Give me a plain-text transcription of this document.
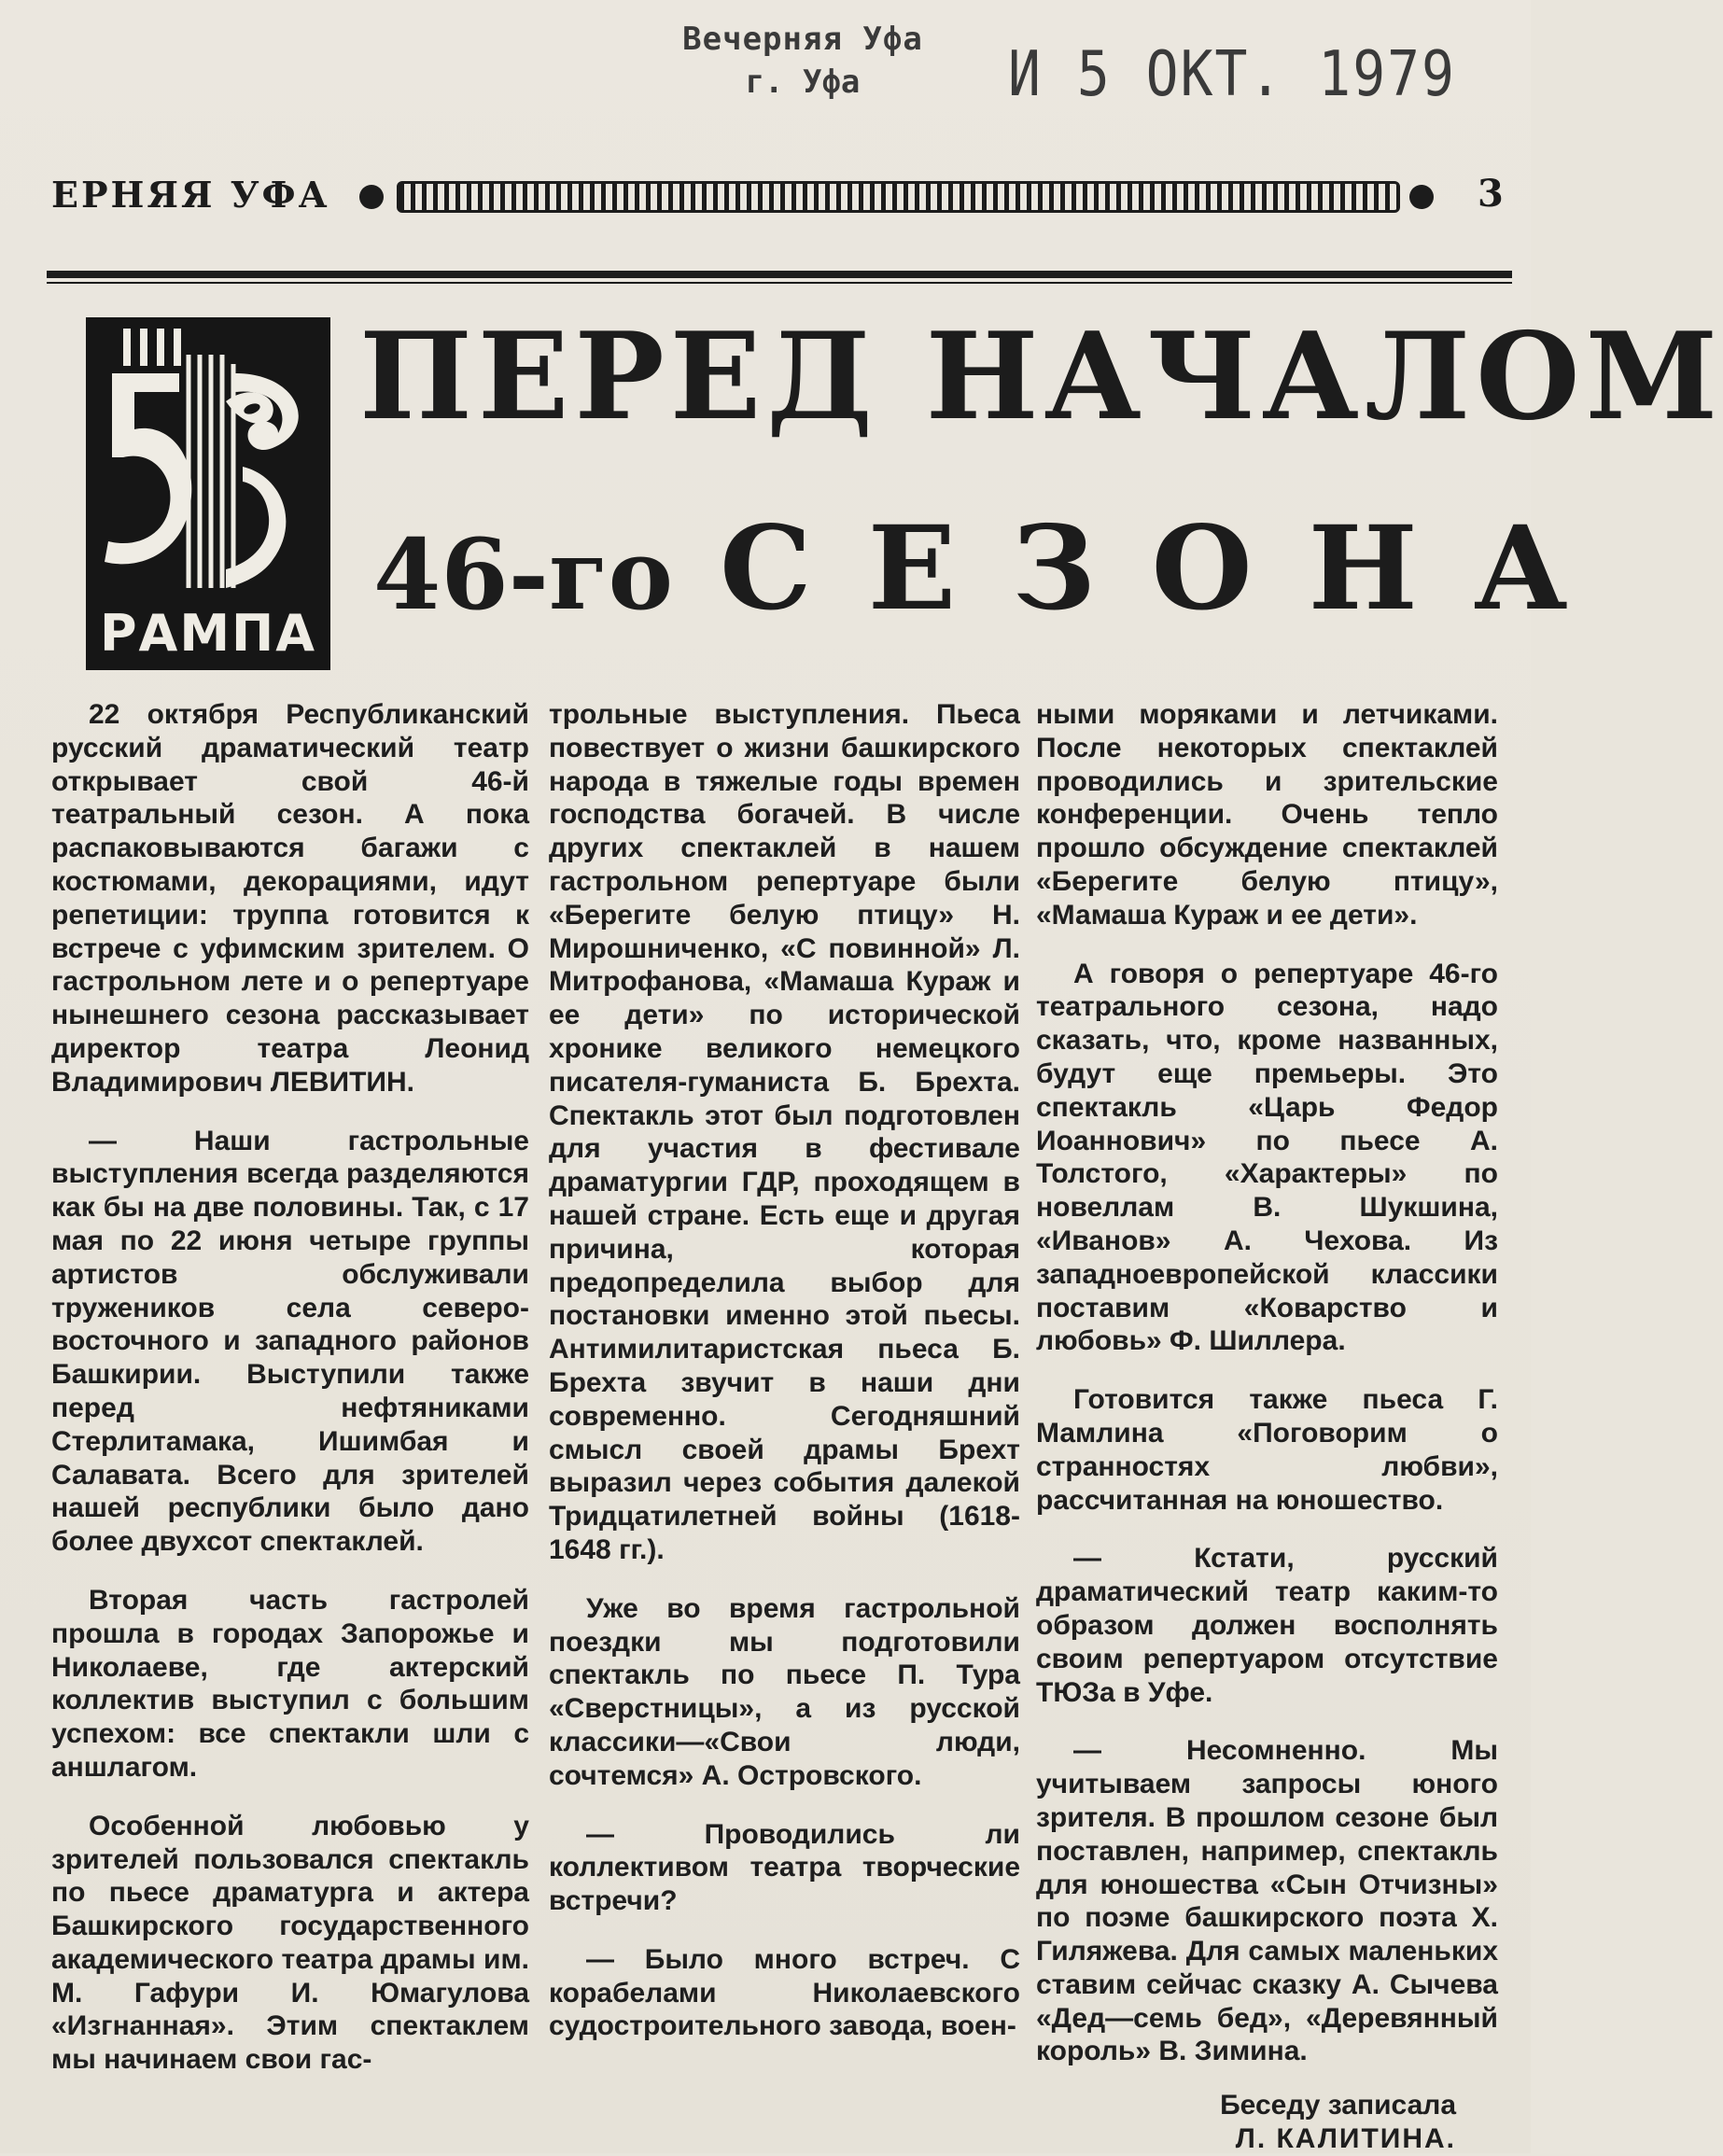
Вечерняя Уфа
г. Уфа	И 5 ОКТ. 1979
ЕРНЯЯ УФА	3
РАМПА
ПЕРЕД НАЧАЛОМ
46-го СЕЗОНА

22 октября Республиканский русский драматический театр открывает свой 46-й театральный сезон. А пока распаковываются багажи с костюмами, декорациями, идут репетиции: труппа готовится к встрече с уфимским зрителем. О гастрольном лете и о репертуаре нынешнего сезона рассказывает директор театра Леонид Владимирович ЛЕВИТИН.

— Наши гастрольные выступления всегда разделяются как бы на две половины. Так, с 17 мая по 22 июня четыре группы артистов обслуживали тружеников села северо-восточного и западного районов Башкирии. Выступили также перед нефтяниками Стерлитамака, Ишимбая и Салавата. Всего для зрителей нашей республики было дано более двухсот спектаклей.

Вторая часть гастролей прошла в городах Запорожье и Николаеве, где актерский коллектив выступил с большим успехом: все спектакли шли с аншлагом.

Особенной любовью у зрителей пользовался спектакль по пьесе драматурга и актера Башкирского государственного академического театра драмы им. М. Гафури И. Юмагулова «Изгнанная». Этим спектаклем мы начинаем свои гас-

трольные выступления. Пьеса повествует о жизни башкирского народа в тяжелые годы времен господства богачей. В числе других спектаклей в нашем гастрольном репертуаре были «Берегите белую птицу» Н. Мирошниченко, «С повинной» Л. Митрофанова, «Мамаша Кураж и ее дети» по исторической хронике великого немецкого писателя-гуманиста Б. Брехта. Спектакль этот был подготовлен для участия в фестивале драматургии ГДР, проходящем в нашей стране. Есть еще и другая причина, которая предопределила выбор для постановки именно этой пьесы. Антимилитаристская пьеса Б. Брехта звучит в наши дни современно. Сегодняшний смысл своей драмы Брехт выразил через события далекой Тридцатилетней войны (1618-1648 гг.).

Уже во время гастрольной поездки мы подготовили спектакль по пьесе П. Тура «Сверстницы», а из русской классики—«Свои люди, сочтемся» А. Островского.

— Проводились ли коллективом театра творческие встречи?

— Было много встреч. С корабелами Николаевского судостроительного завода, воен-

ными моряками и летчиками. После некоторых спектаклей проводились и зрительские конференции. Очень тепло прошло обсуждение спектаклей «Берегите белую птицу», «Мамаша Кураж и ее дети».

А говоря о репертуаре 46-го театрального сезона, надо сказать, что, кроме названных, будут еще премьеры. Это спектакль «Царь Федор Иоаннович» по пьесе А. Толстого, «Характеры» по новеллам В. Шукшина, «Иванов» А. Чехова. Из западноевропейской классики поставим «Коварство и любовь» Ф. Шиллера.

Готовится также пьеса Г. Мамлина «Поговорим о странностях любви», рассчитанная на юношество.

— Кстати, русский драматический театр каким-то образом должен восполнять своим репертуаром отсутствие ТЮЗа в Уфе.

— Несомненно. Мы учитываем запросы юного зрителя. В прошлом сезоне был поставлен, например, спектакль для юношества «Сын Отчизны» по поэме башкирского поэта Х. Гиляжева. Для самых маленьких ставим сейчас сказку А. Сычева «Дед—семь бед», «Деревянный король» В. Зимина.

Беседу записала
Л. КАЛИТИНА.
